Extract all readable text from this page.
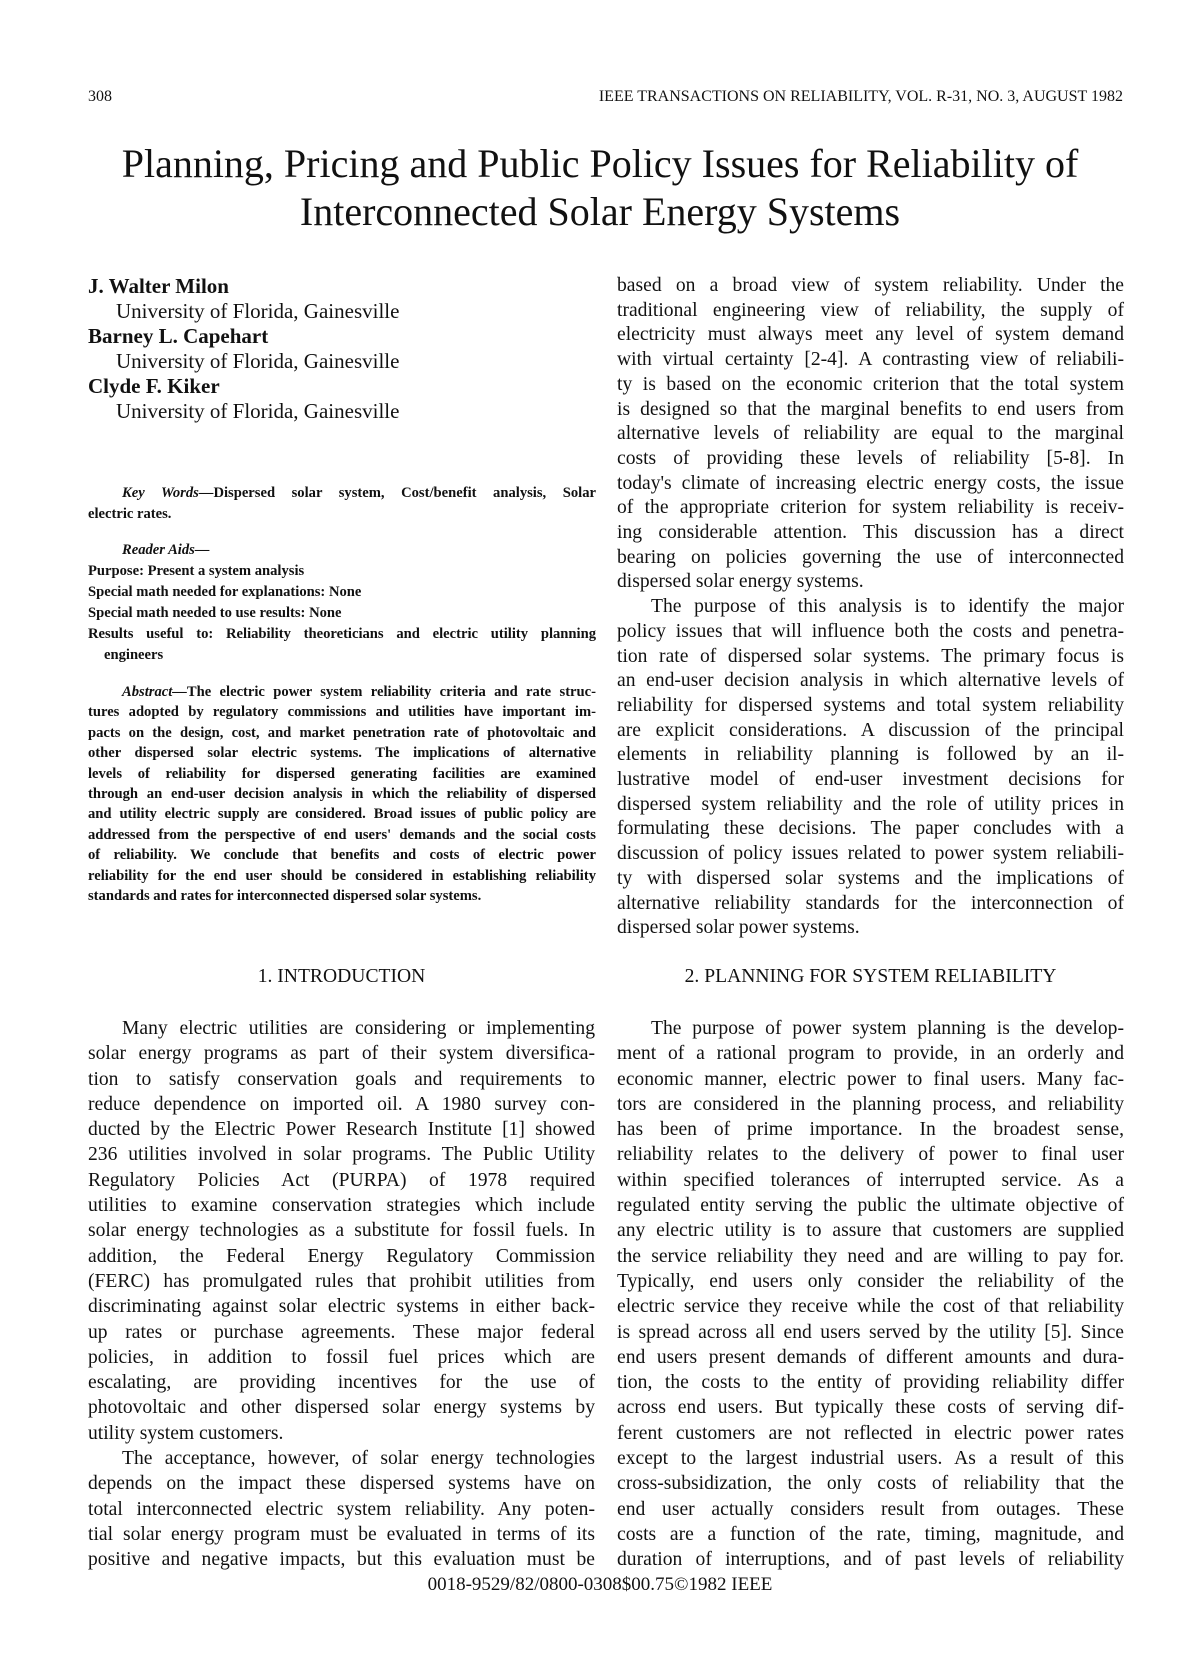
308	IEEE TRANSACTIONS ON RELIABILITY, VOL. R-31, NO. 3, AUGUST 1982
Planning, Pricing and Public Policy Issues for Reliability of
Interconnected Solar Energy Systems
J. Walter Milon
University of Florida, Gainesville
Barney L. Capehart
University of Florida, Gainesville
Clyde F. Kiker
University of Florida, Gainesville
Key Words—Dispersed solar system, Cost/benefit analysis, Solar
electric rates.
Reader Aids—
Purpose: Present a system analysis
Special math needed for explanations: None
Special math needed to use results: None
Results useful to: Reliability theoreticians and electric utility planning
engineers
Abstract—The electric power system reliability criteria and rate struc-
tures adopted by regulatory commissions and utilities have important im-
pacts on the design, cost, and market penetration rate of photovoltaic and
other dispersed solar electric systems. The implications of alternative
levels of reliability for dispersed generating facilities are examined
through an end-user decision analysis in which the reliability of dispersed
and utility electric supply are considered. Broad issues of public policy are
addressed from the perspective of end users' demands and the social costs
of reliability. We conclude that benefits and costs of electric power
reliability for the end user should be considered in establishing reliability
standards and rates for interconnected dispersed solar systems.
based on a broad view of system reliability. Under the
traditional engineering view of reliability, the supply of
electricity must always meet any level of system demand
with virtual certainty [2-4]. A contrasting view of reliabili-
ty is based on the economic criterion that the total system
is designed so that the marginal benefits to end users from
alternative levels of reliability are equal to the marginal
costs of providing these levels of reliability [5-8]. In
today's climate of increasing electric energy costs, the issue
of the appropriate criterion for system reliability is receiv-
ing considerable attention. This discussion has a direct
bearing on policies governing the use of interconnected
dispersed solar energy systems.
The purpose of this analysis is to identify the major
policy issues that will influence both the costs and penetra-
tion rate of dispersed solar systems. The primary focus is
an end-user decision analysis in which alternative levels of
reliability for dispersed systems and total system reliability
are explicit considerations. A discussion of the principal
elements in reliability planning is followed by an il-
lustrative model of end-user investment decisions for
dispersed system reliability and the role of utility prices in
formulating these decisions. The paper concludes with a
discussion of policy issues related to power system reliabili-
ty with dispersed solar systems and the implications of
alternative reliability standards for the interconnection of
dispersed solar power systems.
1. INTRODUCTION	2. PLANNING FOR SYSTEM RELIABILITY
Many electric utilities are considering or implementing
solar energy programs as part of their system diversifica-
tion to satisfy conservation goals and requirements to
reduce dependence on imported oil. A 1980 survey con-
ducted by the Electric Power Research Institute [1] showed
236 utilities involved in solar programs. The Public Utility
Regulatory Policies Act (PURPA) of 1978 required
utilities to examine conservation strategies which include
solar energy technologies as a substitute for fossil fuels. In
addition, the Federal Energy Regulatory Commission
(FERC) has promulgated rules that prohibit utilities from
discriminating against solar electric systems in either back-
up rates or purchase agreements. These major federal
policies, in addition to fossil fuel prices which are
escalating, are providing incentives for the use of
photovoltaic and other dispersed solar energy systems by
utility system customers.
The acceptance, however, of solar energy technologies
depends on the impact these dispersed systems have on
total interconnected electric system reliability. Any poten-
tial solar energy program must be evaluated in terms of its
positive and negative impacts, but this evaluation must be
The purpose of power system planning is the develop-
ment of a rational program to provide, in an orderly and
economic manner, electric power to final users. Many fac-
tors are considered in the planning process, and reliability
has been of prime importance. In the broadest sense,
reliability relates to the delivery of power to final user
within specified tolerances of interrupted service. As a
regulated entity serving the public the ultimate objective of
any electric utility is to assure that customers are supplied
the service reliability they need and are willing to pay for.
Typically, end users only consider the reliability of the
electric service they receive while the cost of that reliability
is spread across all end users served by the utility [5]. Since
end users present demands of different amounts and dura-
tion, the costs to the entity of providing reliability differ
across end users. But typically these costs of serving dif-
ferent customers are not reflected in electric power rates
except to the largest industrial users. As a result of this
cross-subsidization, the only costs of reliability that the
end user actually considers result from outages. These
costs are a function of the rate, timing, magnitude, and
duration of interruptions, and of past levels of reliability
0018-9529/82/0800-0308$00.75©1982 IEEE
